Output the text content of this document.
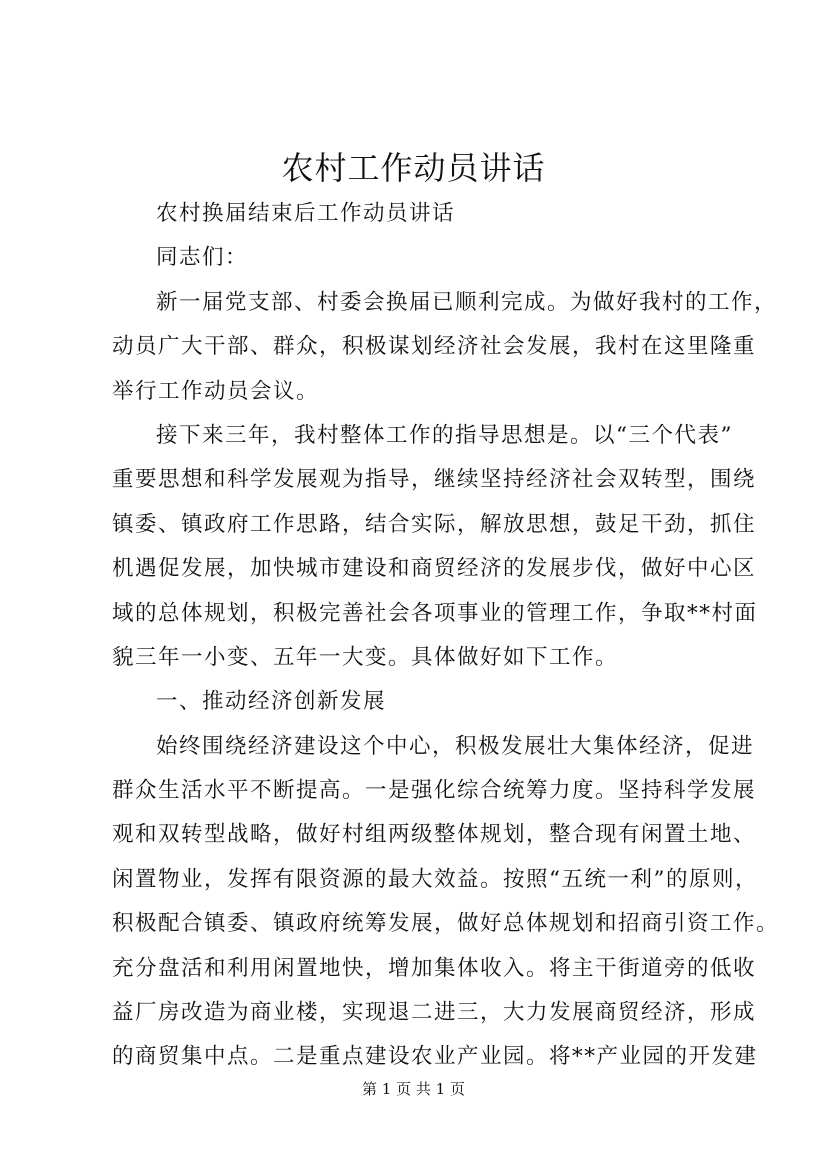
农村工作动员讲话
农村换届结束后工作动员讲话
同志们：
新一届党支部、村委会换届已顺利完成。为做好我村的工作，
动员广大干部、群众，积极谋划经济社会发展，我村在这里隆重
举行工作动员会议。
接下来三年，我村整体工作的指导思想是。以“三个代表”
重要思想和科学发展观为指导，继续坚持经济社会双转型，围绕
镇委、镇政府工作思路，结合实际，解放思想，鼓足干劲，抓住
机遇促发展，加快城市建设和商贸经济的发展步伐，做好中心区
域的总体规划，积极完善社会各项事业的管理工作，争取**村面
貌三年一小变、五年一大变。具体做好如下工作。
一、推动经济创新发展
始终围绕经济建设这个中心，积极发展壮大集体经济，促进
群众生活水平不断提高。一是强化综合统筹力度。坚持科学发展
观和双转型战略，做好村组两级整体规划，整合现有闲置土地、
闲置物业，发挥有限资源的最大效益。按照“五统一利”的原则，
积极配合镇委、镇政府统筹发展，做好总体规划和招商引资工作。
充分盘活和利用闲置地快，增加集体收入。将主干街道旁的低收
益厂房改造为商业楼，实现退二进三，大力发展商贸经济，形成
的商贸集中点。二是重点建设农业产业园。将**产业园的开发建
第 1 页 共 1 页
